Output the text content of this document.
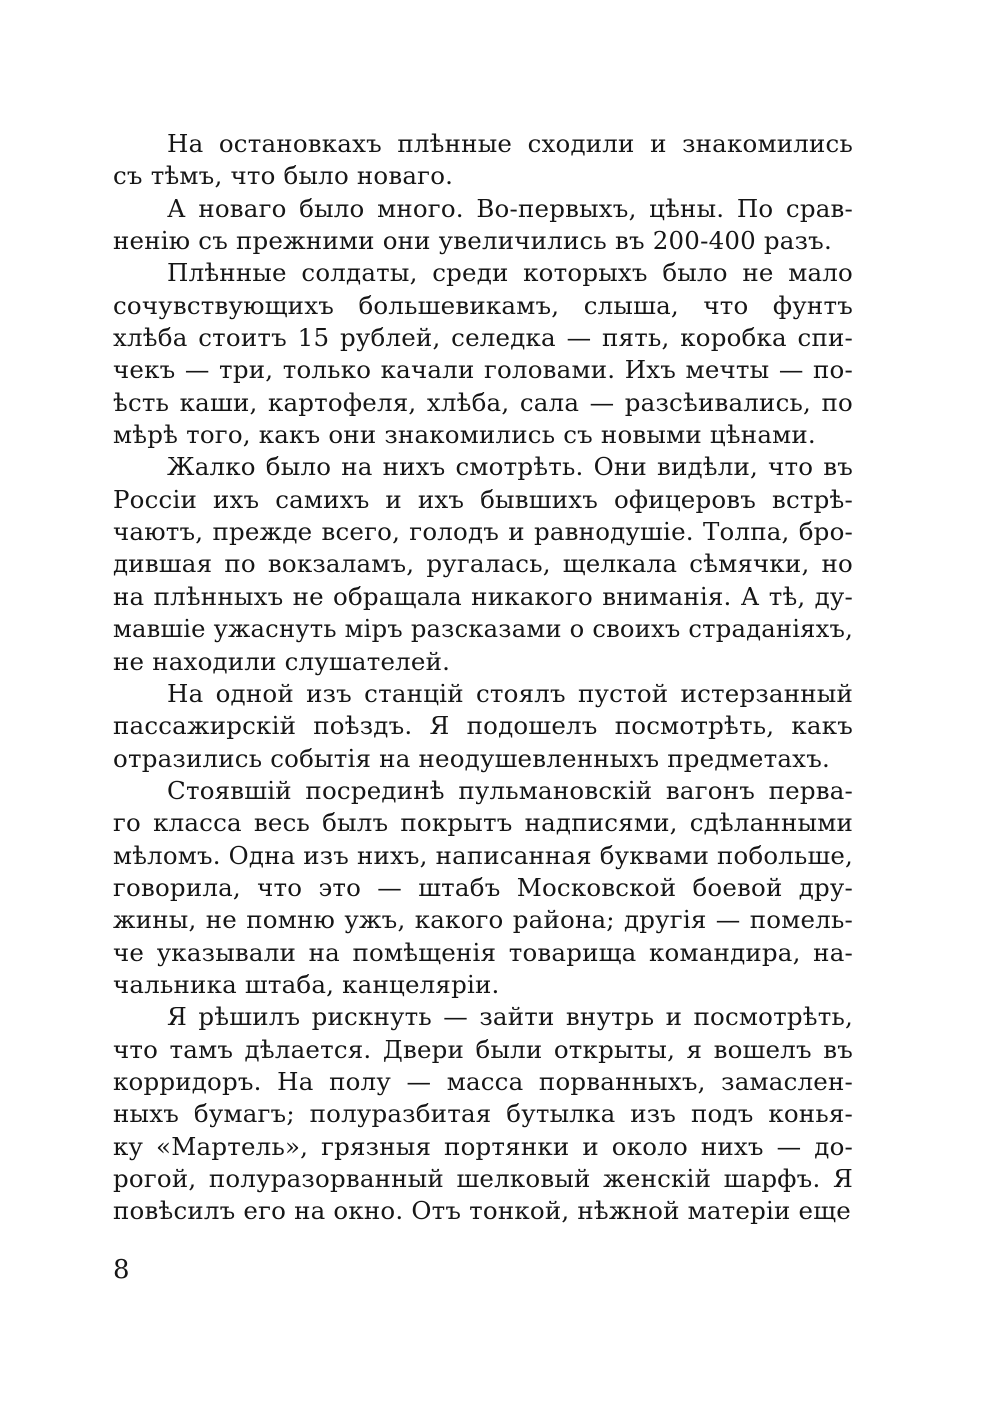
На остановкахъ плѣнные сходили и знакомились
съ тѣмъ, что было новаго.
А новаго было много. Во-первыхъ, цѣны. По срав-
ненію съ прежними они увеличились въ 200-400 разъ.
Плѣнные солдаты, среди которыхъ было не мало
сочувствующихъ большевикамъ, слыша, что фунтъ
хлѣба стоитъ 15 рублей, селедка — пять, коробка спи-
чекъ — три, только качали головами. Ихъ мечты — по-
ѣсть каши, картофеля, хлѣба, сала — разсѣивались, по
мѣрѣ того, какъ они знакомились съ новыми цѣнами.
Жалко было на нихъ смотрѣть. Они видѣли, что въ
Россіи ихъ самихъ и ихъ бывшихъ офицеровъ встрѣ-
чаютъ, прежде всего, голодъ и равнодушіе. Толпа, бро-
дившая по вокзаламъ, ругалась, щелкала сѣмячки, но
на плѣнныхъ не обращала никакого вниманія. А тѣ, ду-
мавшіе ужаснуть міръ разсказами о своихъ страданіяхъ,
не находили слушателей.
На одной изъ станцій стоялъ пустой истерзанный
пассажирскій поѣздъ. Я подошелъ посмотрѣть, какъ
отразились событія на неодушевленныхъ предметахъ.
Стоявшій посрединѣ пульмановскій вагонъ перва-
го класса весь былъ покрытъ надписями, сдѣланными
мѣломъ. Одна изъ нихъ, написанная буквами побольше,
говорила, что это — штабъ Московской боевой дру-
жины, не помню ужъ, какого района; другія — помель-
че указывали на помѣщенія товарища командира, на-
чальника штаба, канцеляріи.
Я рѣшилъ рискнуть — зайти внутрь и посмотрѣть,
что тамъ дѣлается. Двери были открыты, я вошелъ въ
корридоръ. На полу — масса порванныхъ, замаслен-
ныхъ бумагъ; полуразбитая бутылка изъ подъ конья-
ку «Мартель», грязныя портянки и около нихъ — до-
рогой, полуразорванный шелковый женскій шарфъ. Я
повѣсилъ его на окно. Отъ тонкой, нѣжной матеріи еще
8
